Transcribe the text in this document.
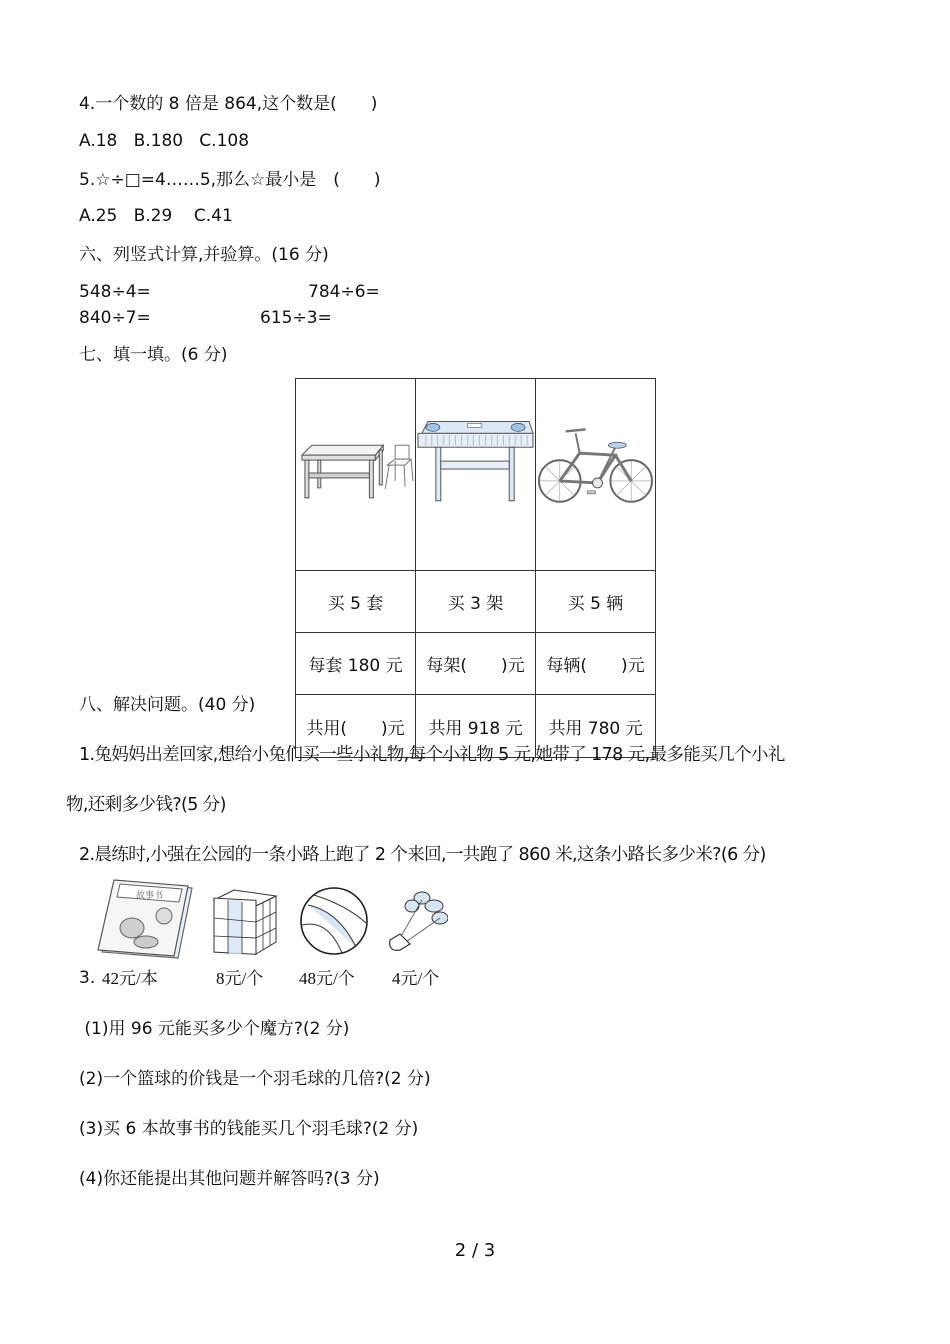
4.一个数的 8 倍是 864,这个数是(　　)
A.18   B.180   C.108
5.☆÷□=4……5,那么☆最小是　(　　)
A.25   B.29    C.41
六、列竖式计算,并验算。(16 分)
548÷4=	784÷6=
840÷7=	615÷3=
七、填一填。(6 分)

买 5 套	买 3 架	买 5 辆
每套 180 元	每架(　　)元	每辆(　　)元
共用(　　)元	共用 918 元	共用 780 元
八、解决问题。(40 分)
1.兔妈妈出差回家,想给小兔们买一些小礼物,每个小礼物 5 元,她带了 178 元,最多能买几个小礼
物,还剩多少钱?(5 分)
2.晨练时,小强在公园的一条小路上跑了 2 个来回,一共跑了 860 米,这条小路长多少米?(6 分)
3.
故事书
42元/本	8元/个 48元/个 4元/个
(1)用 96 元能买多少个魔方?(2 分)
(2)一个篮球的价钱是一个羽毛球的几倍?(2 分)
(3)买 6 本故事书的钱能买几个羽毛球?(2 分)
(4)你还能提出其他问题并解答吗?(3 分)
2 / 3
